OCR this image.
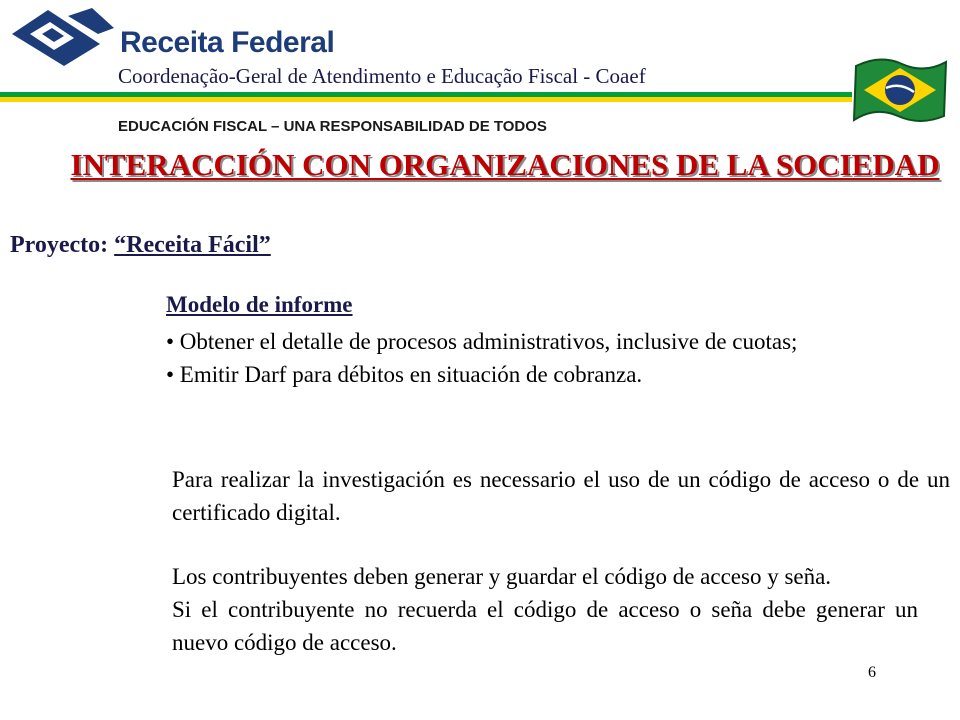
Receita Federal
Coordenação-Geral de Atendimento e Educação Fiscal - Coaef
EDUCACIÓN FISCAL – UNA RESPONSABILIDAD DE TODOS
INTERACCIÓN CON ORGANIZACIONES DE LA SOCIEDAD
Proyecto: “Receita Fácil”
Modelo de informe

• Obtener el detalle de procesos administrativos, inclusive de cuotas;

• Emitir Darf para débitos en situación de cobranza.

Para realizar la investigación es necessario el uso de un código de acceso o de un certificado digital.
Los contribuyentes deben generar y guardar el código de acceso y seña.
Si el contribuyente no recuerda el código de acceso o seña debe generar un nuevo código de acceso.
6
